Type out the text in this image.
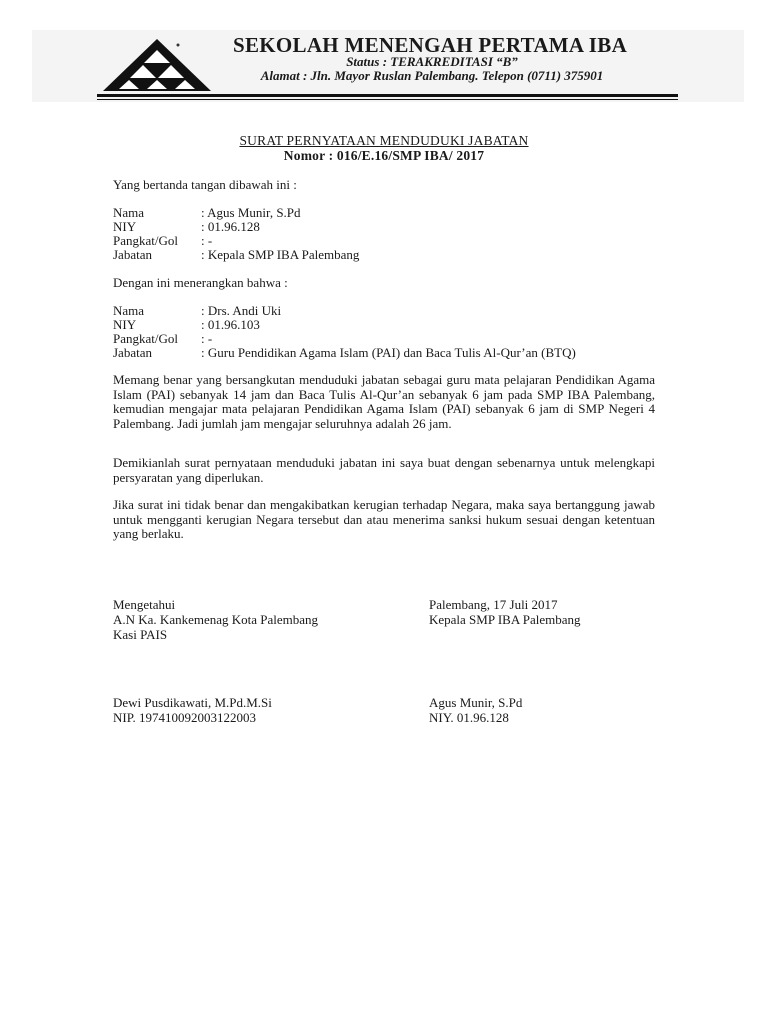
SEKOLAH MENENGAH PERTAMA IBA
Status : TERAKREDITASI “B”
Alamat : Jln. Mayor Ruslan Palembang. Telepon (0711) 375901
SURAT PERNYATAAN MENDUDUKI JABATAN
Nomor : 016/E.16/SMP IBA/ 2017
Yang bertanda tangan dibawah ini :
Nama	: Agus Munir, S.Pd
NIY	: 01.96.128
Pangkat/Gol : -
Jabatan	: Kepala SMP IBA Palembang
Dengan ini menerangkan bahwa :
Nama	: Drs. Andi Uki
NIY	: 01.96.103
Pangkat/Gol : -
Jabatan	: Guru Pendidikan Agama Islam (PAI) dan Baca Tulis Al-Qur’an (BTQ)
Memang benar yang bersangkutan menduduki jabatan sebagai guru mata pelajaran Pendidikan Agama Islam (PAI) sebanyak 14 jam dan Baca Tulis Al-Qur’an sebanyak 6 jam pada SMP IBA Palembang, kemudian mengajar mata pelajaran Pendidikan Agama Islam (PAI) sebanyak 6 jam di SMP Negeri 4 Palembang. Jadi jumlah jam mengajar seluruhnya adalah 26 jam.
Demikianlah surat pernyataan menduduki jabatan ini saya buat dengan sebenarnya untuk melengkapi persyaratan yang diperlukan.
Jika surat ini tidak benar dan mengakibatkan kerugian terhadap Negara, maka saya bertanggung jawab untuk mengganti kerugian Negara tersebut dan atau menerima sanksi hukum sesuai dengan ketentuan yang berlaku.
Mengetahui
A.N Ka. Kankemenag Kota Palembang
Kasi PAIS
Palembang, 17 Juli 2017
Kepala SMP IBA Palembang
Dewi Pusdikawati, M.Pd.M.Si
NIP. 197410092003122003
Agus Munir, S.Pd
NIY. 01.96.128
